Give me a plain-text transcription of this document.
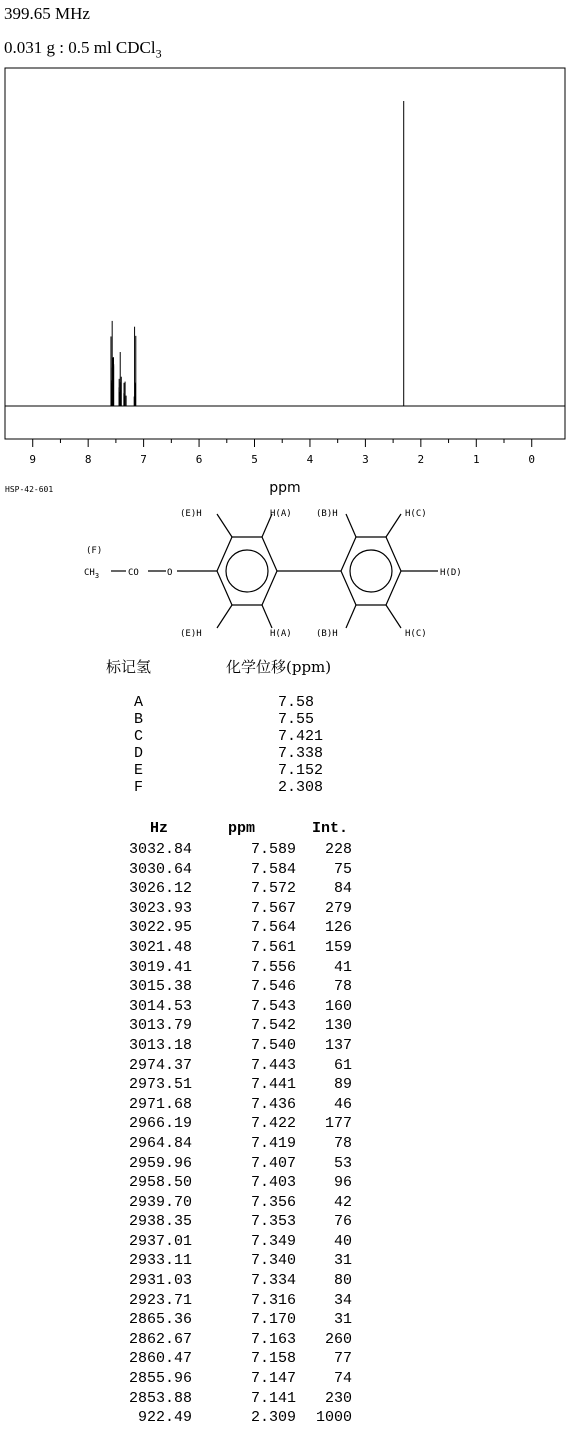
399.65 MHz
0.031 g : 0.5 ml CDCl$_3$
9	8	7	6	5	4	3	2	1	0
ppm
HSP-42-601
(E)H	H(A)	(B)H	H(C)
(E)H	H(A)	(B)H	H(C)
H(D)
(F)
$CH_3$	CO	O
标记氢	化学位移(ppm)
A	7.58
B	7.55
C	7.421
D	7.338
E	7.152
F	2.308
Hz	ppm	Int.
3032.84	7.589 228
3030.64	7.584	75
3026.12	7.572	84
3023.93	7.567 279
3022.95	7.564 126
3021.48	7.561 159
3019.41	7.556	41
3015.38	7.546	78
3014.53	7.543 160
3013.79	7.542 130
3013.18	7.540 137
2974.37	7.443	61
2973.51	7.441	89
2971.68	7.436	46
2966.19	7.422 177
2964.84	7.419	78
2959.96	7.407	53
2958.50	7.403	96
2939.70	7.356	42
2938.35	7.353	76
2937.01	7.349	40
2933.11	7.340	31
2931.03	7.334	80
2923.71	7.316	34
2865.36	7.170	31
2862.67	7.163 260
2860.47	7.158	77
2855.96	7.147	74
2853.88	7.141 230
922.49	2.309 1000
